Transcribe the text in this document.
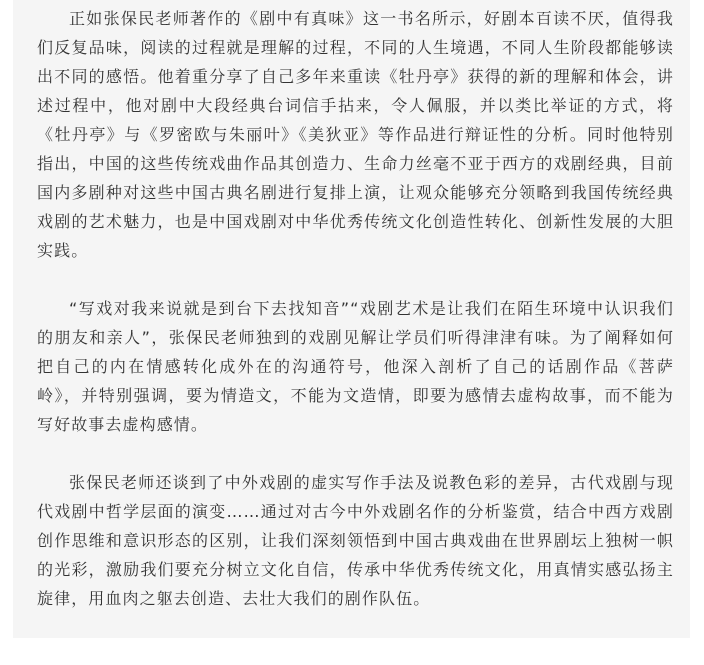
正如张保民老师著作的《剧中有真味》这一书名所示，好剧本百读不厌，值得我们反复品味，阅读的过程就是理解的过程，不同的人生境遇，不同人生阶段都能够读出不同的感悟。他着重分享了自己多年来重读《牡丹亭》获得的新的理解和体会，讲述过程中，他对剧中大段经典台词信手拈来，令人佩服，并以类比举证的方式，将《牡丹亭》与《罗密欧与朱丽叶》《美狄亚》等作品进行辩证性的分析。同时他特别指出，中国的这些传统戏曲作品其创造力、生命力丝毫不亚于西方的戏剧经典，目前国内多剧种对这些中国古典名剧进行复排上演，让观众能够充分领略到我国传统经典戏剧的艺术魅力，也是中国戏剧对中华优秀传统文化创造性转化、创新性发展的大胆实践。

“写戏对我来说就是到台下去找知音”“戏剧艺术是让我们在陌生环境中认识我们的朋友和亲人”，张保民老师独到的戏剧见解让学员们听得津津有味。为了阐释如何把自己的内在情感转化成外在的沟通符号，他深入剖析了自己的话剧作品《菩萨岭》，并特别强调，要为情造文，不能为文造情，即要为感情去虚构故事，而不能为写好故事去虚构感情。

张保民老师还谈到了中外戏剧的虚实写作手法及说教色彩的差异，古代戏剧与现代戏剧中哲学层面的演变……通过对古今中外戏剧名作的分析鉴赏，结合中西方戏剧创作思维和意识形态的区别，让我们深刻领悟到中国古典戏曲在世界剧坛上独树一帜的光彩，激励我们要充分树立文化自信，传承中华优秀传统文化，用真情实感弘扬主旋律，用血肉之躯去创造、去壮大我们的剧作队伍。
